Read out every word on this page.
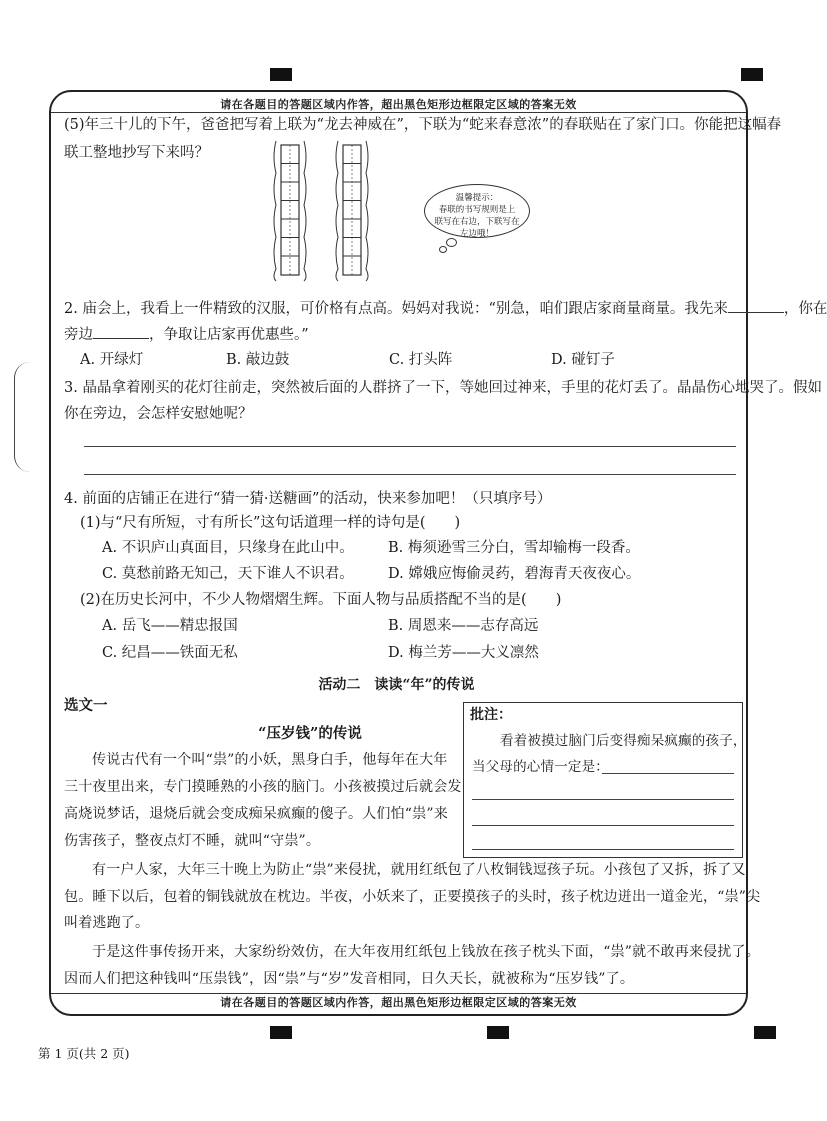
请在各题目的答题区域内作答，超出黑色矩形边框限定区域的答案无效
请在各题目的答题区域内作答，超出黑色矩形边框限定区域的答案无效
(5)年三十儿的下午，爸爸把写着上联为“龙去神威在”，下联为“蛇来春意浓”的春联贴在了家门口。你能把这幅春
联工整地抄写下来吗？
温馨提示：
春联的书写规则是上
联写在右边，下联写在
左边哦！
2. 庙会上，我看上一件精致的汉服，可价格有点高。妈妈对我说：“别急，咱们跟店家商量商量。我先来	，你在
旁边	，争取让店家再优惠些。”
A. 开绿灯	B. 敲边鼓	C. 打头阵	D. 碰钉子
3. 晶晶拿着刚买的花灯往前走，突然被后面的人群挤了一下，等她回过神来，手里的花灯丢了。晶晶伤心地哭了。假如
你在旁边，会怎样安慰她呢？
4. 前面的店铺正在进行“猜一猜·送糖画”的活动，快来参加吧！（只填序号）
(1)与“尺有所短，寸有所长”这句话道理一样的诗句是(　　)
A. 不识庐山真面目，只缘身在此山中。 B. 梅须逊雪三分白，雪却输梅一段香。
C. 莫愁前路无知己，天下谁人不识君。 D. 嫦娥应悔偷灵药，碧海青天夜夜心。
(2)在历史长河中，不少人物熠熠生辉。下面人物与品质搭配不当的是(　　)
A. 岳飞——精忠报国	B. 周恩来——志存高远
C. 纪昌——铁面无私	D. 梅兰芳——大义凛然
活动二　读读“年”的传说
选文一
“压岁钱”的传说
传说古代有一个叫“祟”的小妖，黑身白手，他每年在大年
三十夜里出来，专门摸睡熟的小孩的脑门。小孩被摸过后就会发
高烧说梦话，退烧后就会变成痴呆疯癫的傻子。人们怕“祟”来
伤害孩子，整夜点灯不睡，就叫“守祟”。
有一户人家，大年三十晚上为防止“祟”来侵扰，就用红纸包了八枚铜钱逗孩子玩。小孩包了又拆，拆了又
包。睡下以后，包着的铜钱就放在枕边。半夜，小妖来了，正要摸孩子的头时，孩子枕边迸出一道金光，“祟”尖
叫着逃跑了。
于是这件事传扬开来，大家纷纷效仿，在大年夜用红纸包上钱放在孩子枕头下面，“祟”就不敢再来侵扰了。
因而人们把这种钱叫“压祟钱”，因“祟”与“岁”发音相同，日久天长，就被称为“压岁钱”了。
批注：
看着被摸过脑门后变得痴呆疯癫的孩子，
当父母的心情一定是：
第 1 页(共 2 页)
